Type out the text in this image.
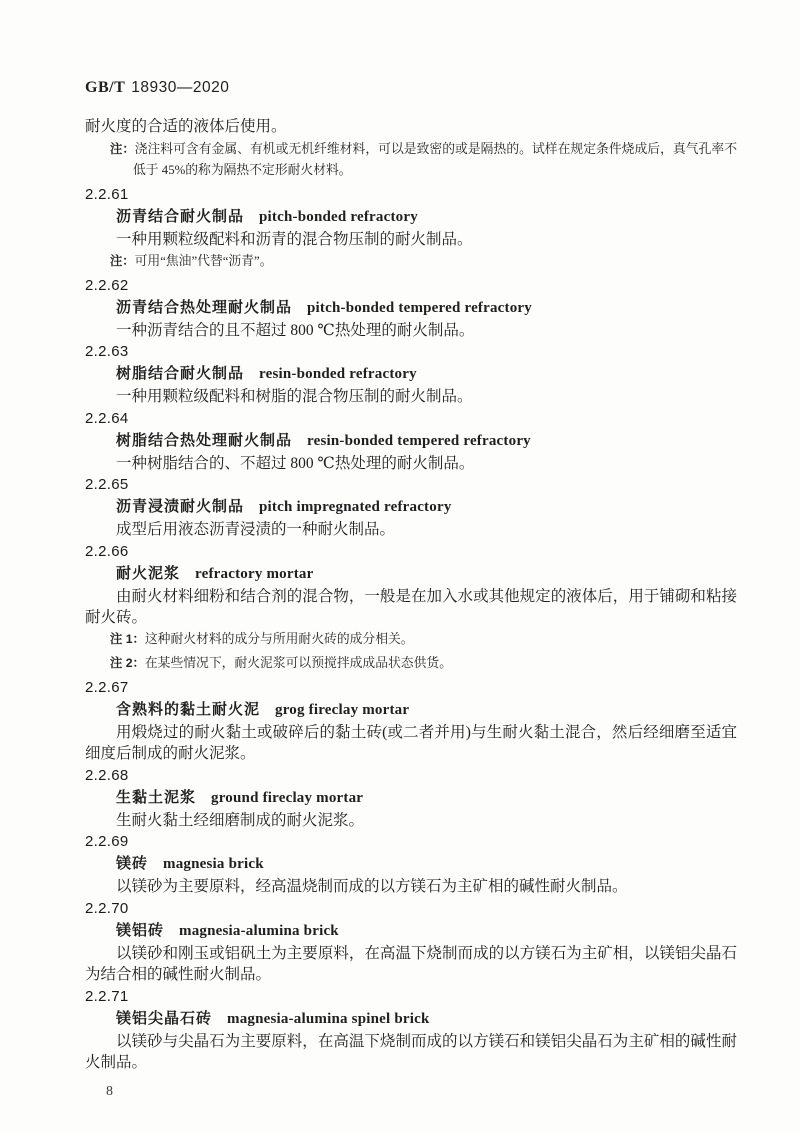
GB/T 18930—2020

耐火度的合适的液体后使用。

注：浇注料可含有金属、有机或无机纤维材料，可以是致密的或是隔热的。试样在规定条件烧成后，真气孔率不低于 45%的称为隔热不定形耐火材料。

2.2.61
沥青结合耐火制品 pitch-bonded refractory

一种用颗粒级配料和沥青的混合物压制的耐火制品。

注：可用“焦油”代替“沥青”。

2.2.62
沥青结合热处理耐火制品 pitch-bonded tempered refractory

一种沥青结合的且不超过 800 ℃热处理的耐火制品。

2.2.63
树脂结合耐火制品 resin-bonded refractory

一种用颗粒级配料和树脂的混合物压制的耐火制品。

2.2.64
树脂结合热处理耐火制品 resin-bonded tempered refractory

一种树脂结合的、不超过 800 ℃热处理的耐火制品。

2.2.65
沥青浸渍耐火制品 pitch impregnated refractory

成型后用液态沥青浸渍的一种耐火制品。

2.2.66
耐火泥浆 refractory mortar

由耐火材料细粉和结合剂的混合物，一般是在加入水或其他规定的液体后，用于铺砌和粘接耐火砖。

注 1：这种耐火材料的成分与所用耐火砖的成分相关。

注 2：在某些情况下，耐火泥浆可以预搅拌成成品状态供货。

2.2.67
含熟料的黏土耐火泥 grog fireclay mortar

用煅烧过的耐火黏土或破碎后的黏土砖(或二者并用)与生耐火黏土混合，然后经细磨至适宜细度后制成的耐火泥浆。

2.2.68
生黏土泥浆 ground fireclay mortar

生耐火黏土经细磨制成的耐火泥浆。

2.2.69
镁砖 magnesia brick

以镁砂为主要原料，经高温烧制而成的以方镁石为主矿相的碱性耐火制品。

2.2.70
镁铝砖 magnesia-alumina brick

以镁砂和刚玉或铝矾土为主要原料，在高温下烧制而成的以方镁石为主矿相，以镁铝尖晶石为结合相的碱性耐火制品。

2.2.71
镁铝尖晶石砖 magnesia-alumina spinel brick

以镁砂与尖晶石为主要原料，在高温下烧制而成的以方镁石和镁铝尖晶石为主矿相的碱性耐火制品。

8
